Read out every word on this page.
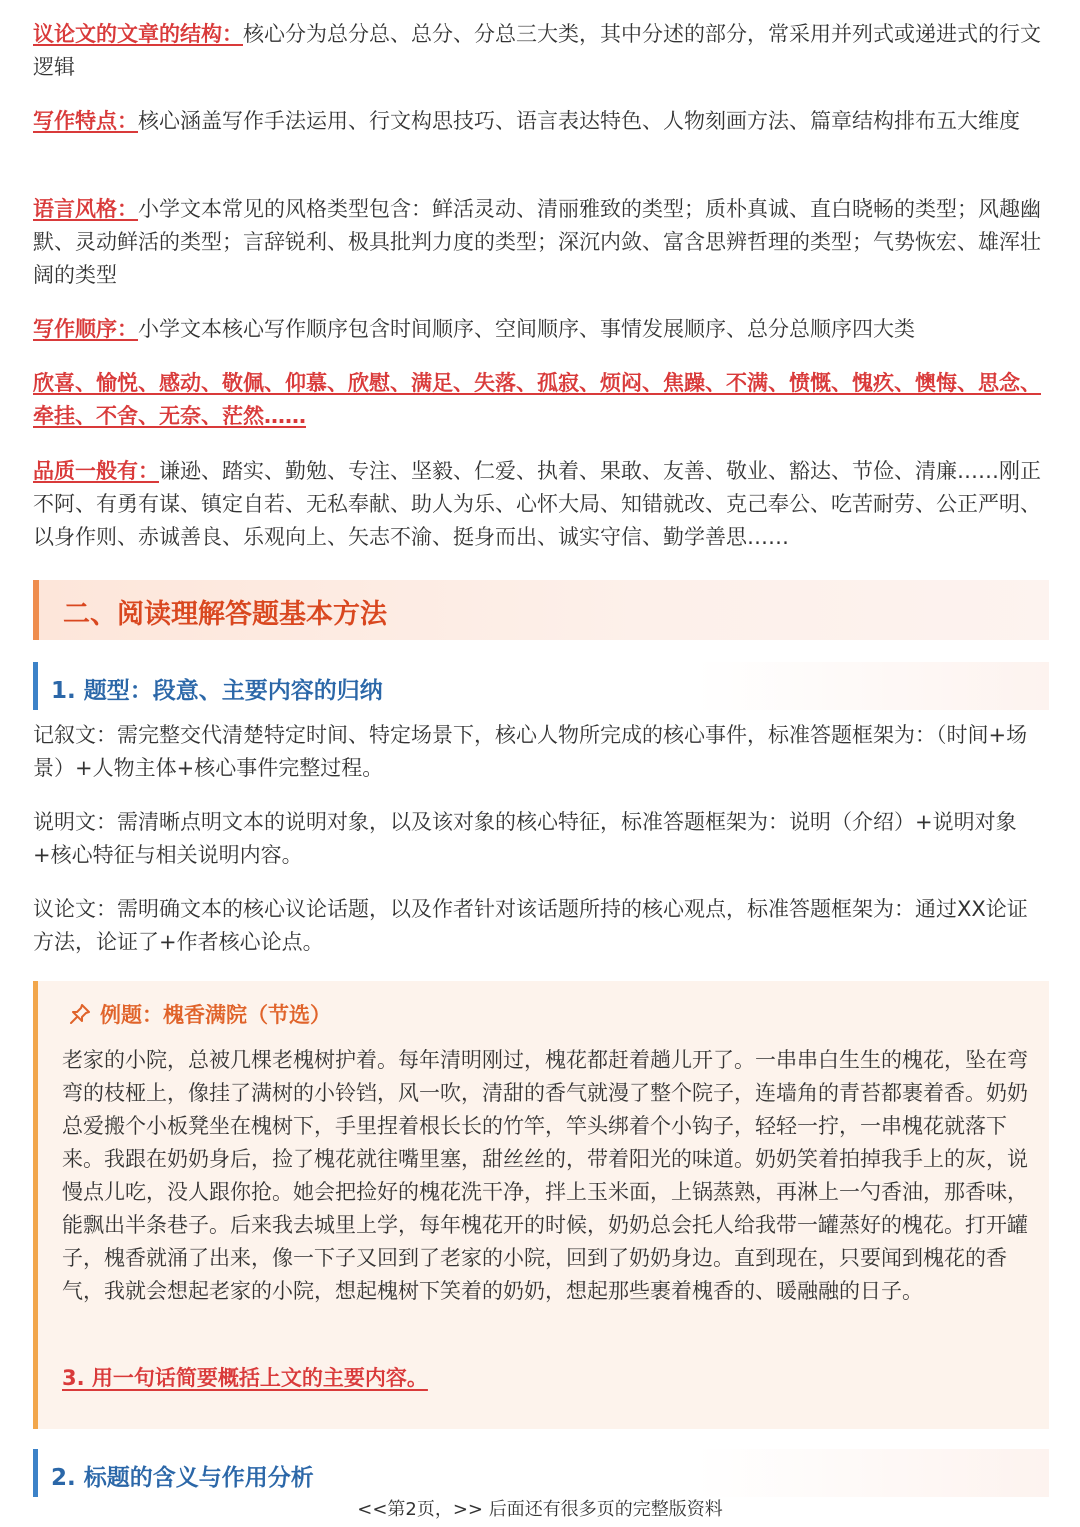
议论文的文章的结构：核心分为总分总、总分、分总三大类，其中分述的部分，常采用并列式或递进式的行文逻辑
写作特点：核心涵盖写作手法运用、行文构思技巧、语言表达特色、人物刻画方法、篇章结构排布五大维度
语言风格：小学文本常见的风格类型包含：鲜活灵动、清丽雅致的类型；质朴真诚、直白晓畅的类型；风趣幽默、灵动鲜活的类型；言辞锐利、极具批判力度的类型；深沉内敛、富含思辨哲理的类型；气势恢宏、雄浑壮阔的类型
写作顺序：小学文本核心写作顺序包含时间顺序、空间顺序、事情发展顺序、总分总顺序四大类
欣喜、愉悦、感动、敬佩、仰慕、欣慰、满足、失落、孤寂、烦闷、焦躁、不满、愤慨、愧疚、懊悔、思念、牵挂、不舍、无奈、茫然……
品质一般有：谦逊、踏实、勤勉、专注、坚毅、仁爱、执着、果敢、友善、敬业、豁达、节俭、清廉……刚正不阿、有勇有谋、镇定自若、无私奉献、助人为乐、心怀大局、知错就改、克己奉公、吃苦耐劳、公正严明、以身作则、赤诚善良、乐观向上、矢志不渝、挺身而出、诚实守信、勤学善思……
二、阅读理解答题基本方法
1. 题型：段意、主要内容的归纳
记叙文：需完整交代清楚特定时间、特定场景下，核心人物所完成的核心事件，标准答题框架为：（时间+场景）+人物主体+核心事件完整过程。
说明文：需清晰点明文本的说明对象，以及该对象的核心特征，标准答题框架为：说明（介绍）+说明对象+核心特征与相关说明内容。
议论文：需明确文本的核心议论话题，以及作者针对该话题所持的核心观点，标准答题框架为：通过XX论证方法，论证了+作者核心论点。
例题：槐香满院（节选）
老家的小院，总被几棵老槐树护着。每年清明刚过，槐花都赶着趟儿开了。一串串白生生的槐花，坠在弯弯的枝桠上，像挂了满树的小铃铛，风一吹，清甜的香气就漫了整个院子，连墙角的青苔都裹着香。奶奶总爱搬个小板凳坐在槐树下，手里捏着根长长的竹竿，竿头绑着个小钩子，轻轻一拧，一串槐花就落下来。我跟在奶奶身后，捡了槐花就往嘴里塞，甜丝丝的，带着阳光的味道。奶奶笑着拍掉我手上的灰，说慢点儿吃，没人跟你抢。她会把捡好的槐花洗干净，拌上玉米面，上锅蒸熟，再淋上一勺香油，那香味，能飘出半条巷子。后来我去城里上学，每年槐花开的时候，奶奶总会托人给我带一罐蒸好的槐花。打开罐子，槐香就涌了出来，像一下子又回到了老家的小院，回到了奶奶身边。直到现在，只要闻到槐花的香气，我就会想起老家的小院，想起槐树下笑着的奶奶，想起那些裹着槐香的、暖融融的日子。
3. 用一句话简要概括上文的主要内容。
2. 标题的含义与作用分析
<<第2页，>> 后面还有很多页的完整版资料
